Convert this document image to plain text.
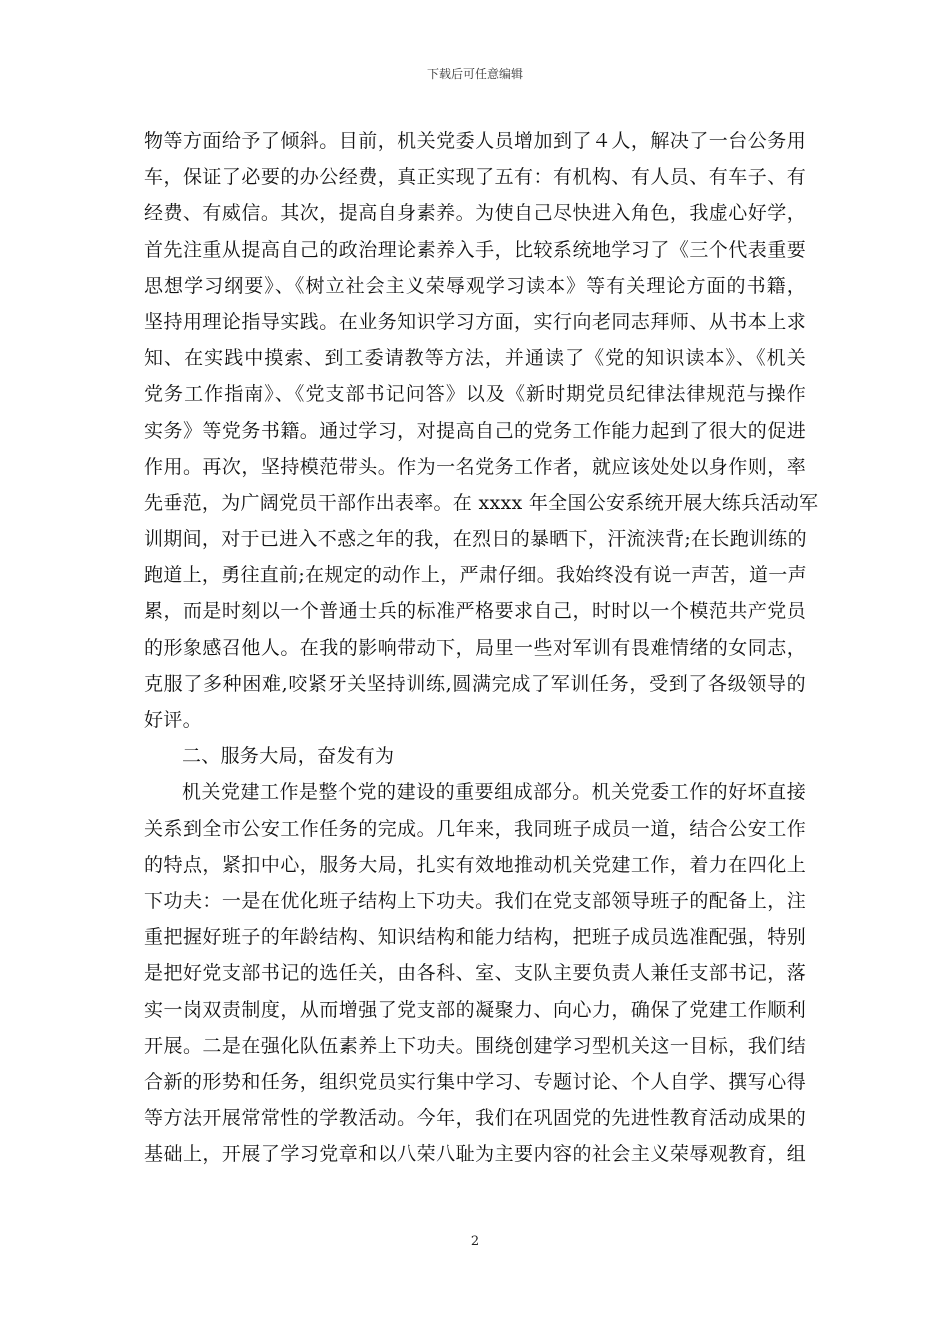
下载后可任意编辑
物等方面给予了倾斜。目前，机关党委人员增加到了４人，解决了一台公务用
车，保证了必要的办公经费，真正实现了五有：有机构、有人员、有车子、有
经费、有威信。其次，提高自身素养。为使自己尽快进入角色，我虚心好学，
首先注重从提高自己的政治理论素养入手，比较系统地学习了《三个代表重要
思想学习纲要》、《树立社会主义荣辱观学习读本》等有关理论方面的书籍，
坚持用理论指导实践。在业务知识学习方面，实行向老同志拜师、从书本上求
知、在实践中摸索、到工委请教等方法，并通读了《党的知识读本》、《机关
党务工作指南》、《党支部书记问答》以及《新时期党员纪律法律规范与操作
实务》等党务书籍。通过学习，对提高自己的党务工作能力起到了很大的促进
作用。再次，坚持模范带头。作为一名党务工作者，就应该处处以身作则，率
先垂范，为广阔党员干部作出表率。在 xxxx 年全国公安系统开展大练兵活动军
训期间，对于已进入不惑之年的我，在烈日的暴晒下，汗流浃背;在长跑训练的
跑道上，勇往直前;在规定的动作上，严肃仔细。我始终没有说一声苦，道一声
累，而是时刻以一个普通士兵的标准严格要求自己，时时以一个模范共产党员
的形象感召他人。在我的影响带动下，局里一些对军训有畏难情绪的女同志，
克服了多种困难,咬紧牙关坚持训练,圆满完成了军训任务，受到了各级领导的
好评。
二、服务大局，奋发有为
机关党建工作是整个党的建设的重要组成部分。机关党委工作的好坏直接
关系到全市公安工作任务的完成。几年来，我同班子成员一道，结合公安工作
的特点，紧扣中心，服务大局，扎实有效地推动机关党建工作，着力在四化上
下功夫：一是在优化班子结构上下功夫。我们在党支部领导班子的配备上，注
重把握好班子的年龄结构、知识结构和能力结构，把班子成员选准配强，特别
是把好党支部书记的选任关，由各科、室、支队主要负责人兼任支部书记，落
实一岗双责制度，从而增强了党支部的凝聚力、向心力，确保了党建工作顺利
开展。二是在强化队伍素养上下功夫。围绕创建学习型机关这一目标，我们结
合新的形势和任务，组织党员实行集中学习、专题讨论、个人自学、撰写心得
等方法开展常常性的学教活动。今年，我们在巩固党的先进性教育活动成果的
基础上，开展了学习党章和以八荣八耻为主要内容的社会主义荣辱观教育，组
2
